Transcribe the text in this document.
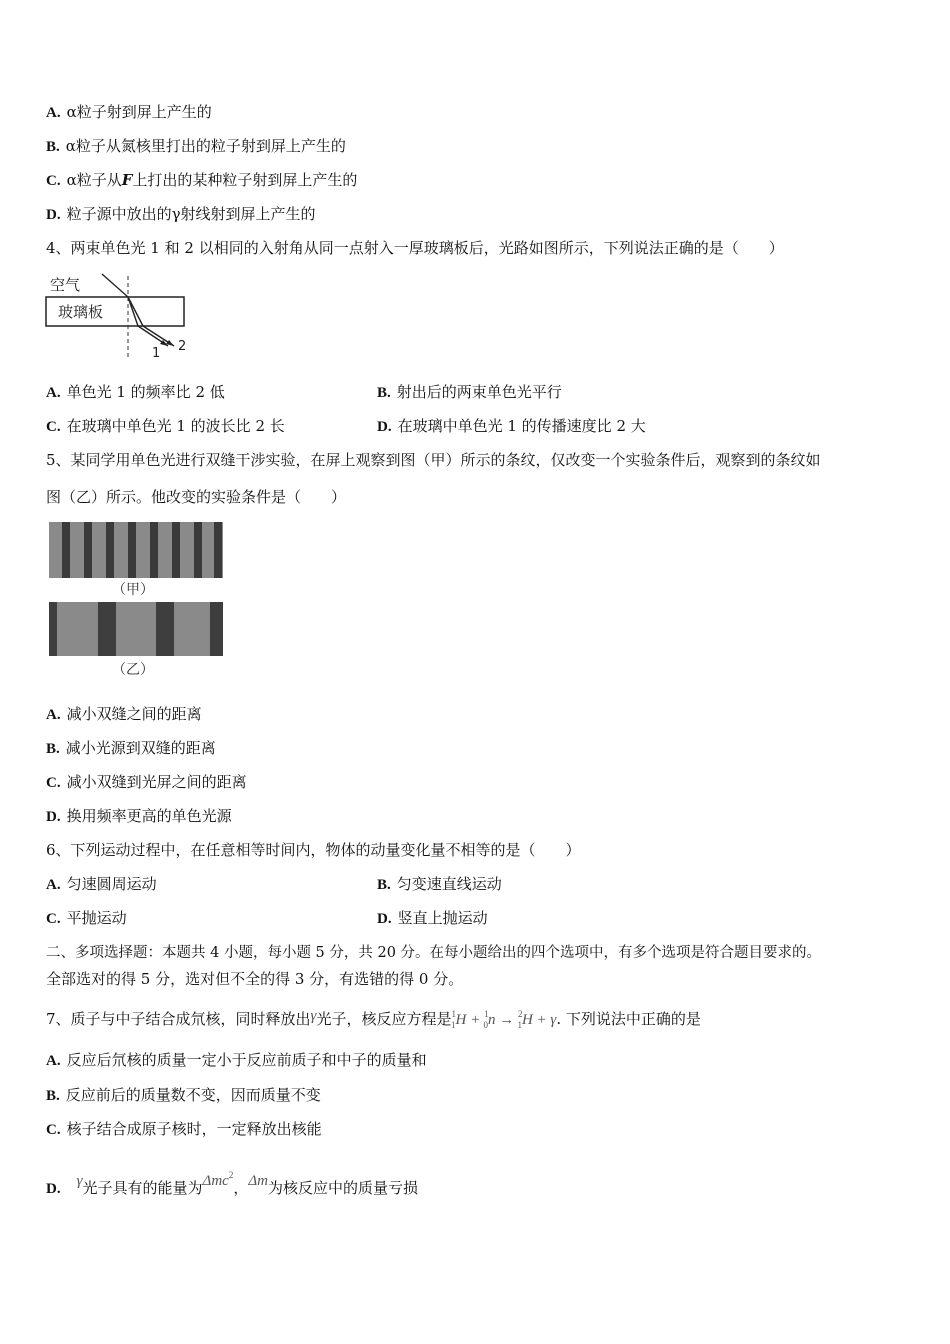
A. α粒子射到屏上产生的
B. α粒子从氮核里打出的粒子射到屏上产生的
C. α粒子从F上打出的某种粒子射到屏上产生的
D. 粒子源中放出的γ射线射到屏上产生的
4、两束单色光 1 和 2 以相同的入射角从同一点射入一厚玻璃板后，光路如图所示，下列说法正确的是（　　）
空气
玻璃板
1 2
A. 单色光 1 的频率比 2 低	B. 射出后的两束单色光平行
C. 在玻璃中单色光 1 的波长比 2 长	D. 在玻璃中单色光 1 的传播速度比 2 大
5、某同学用单色光进行双缝干涉实验，在屏上观察到图（甲）所示的条纹，仅改变一个实验条件后，观察到的条纹如
图（乙）所示。他改变的实验条件是（　　）
（甲）
（乙）
A. 减小双缝之间的距离
B. 减小光源到双缝的距离
C. 减小双缝到光屏之间的距离
D. 换用频率更高的单色光源
6、下列运动过程中，在任意相等时间内，物体的动量变化量不相等的是（　　）
A. 匀速圆周运动	B. 匀变速直线运动
C. 平抛运动	D. 竖直上抛运动
二、多项选择题：本题共 4 小题，每小题 5 分，共 20 分。在每小题给出的四个选项中，有多个选项是符合题目要求的。
全部选对的得 5 分，选对但不全的得 3 分，有选错的得 0 分。
7、质子与中子结合成氘核，同时释放出γ光子，核反应方程是$^1_1$H + $^1_0$n → $^2_1$H + γ. 下列说法中正确的是
A. 反应后氘核的质量一定小于反应前质子和中子的质量和
B. 反应前后的质量数不变，因而质量不变
C. 核子结合成原子核时，一定释放出核能
D. γ光子具有的能量为Δmc$^2$，Δm为核反应中的质量亏损
